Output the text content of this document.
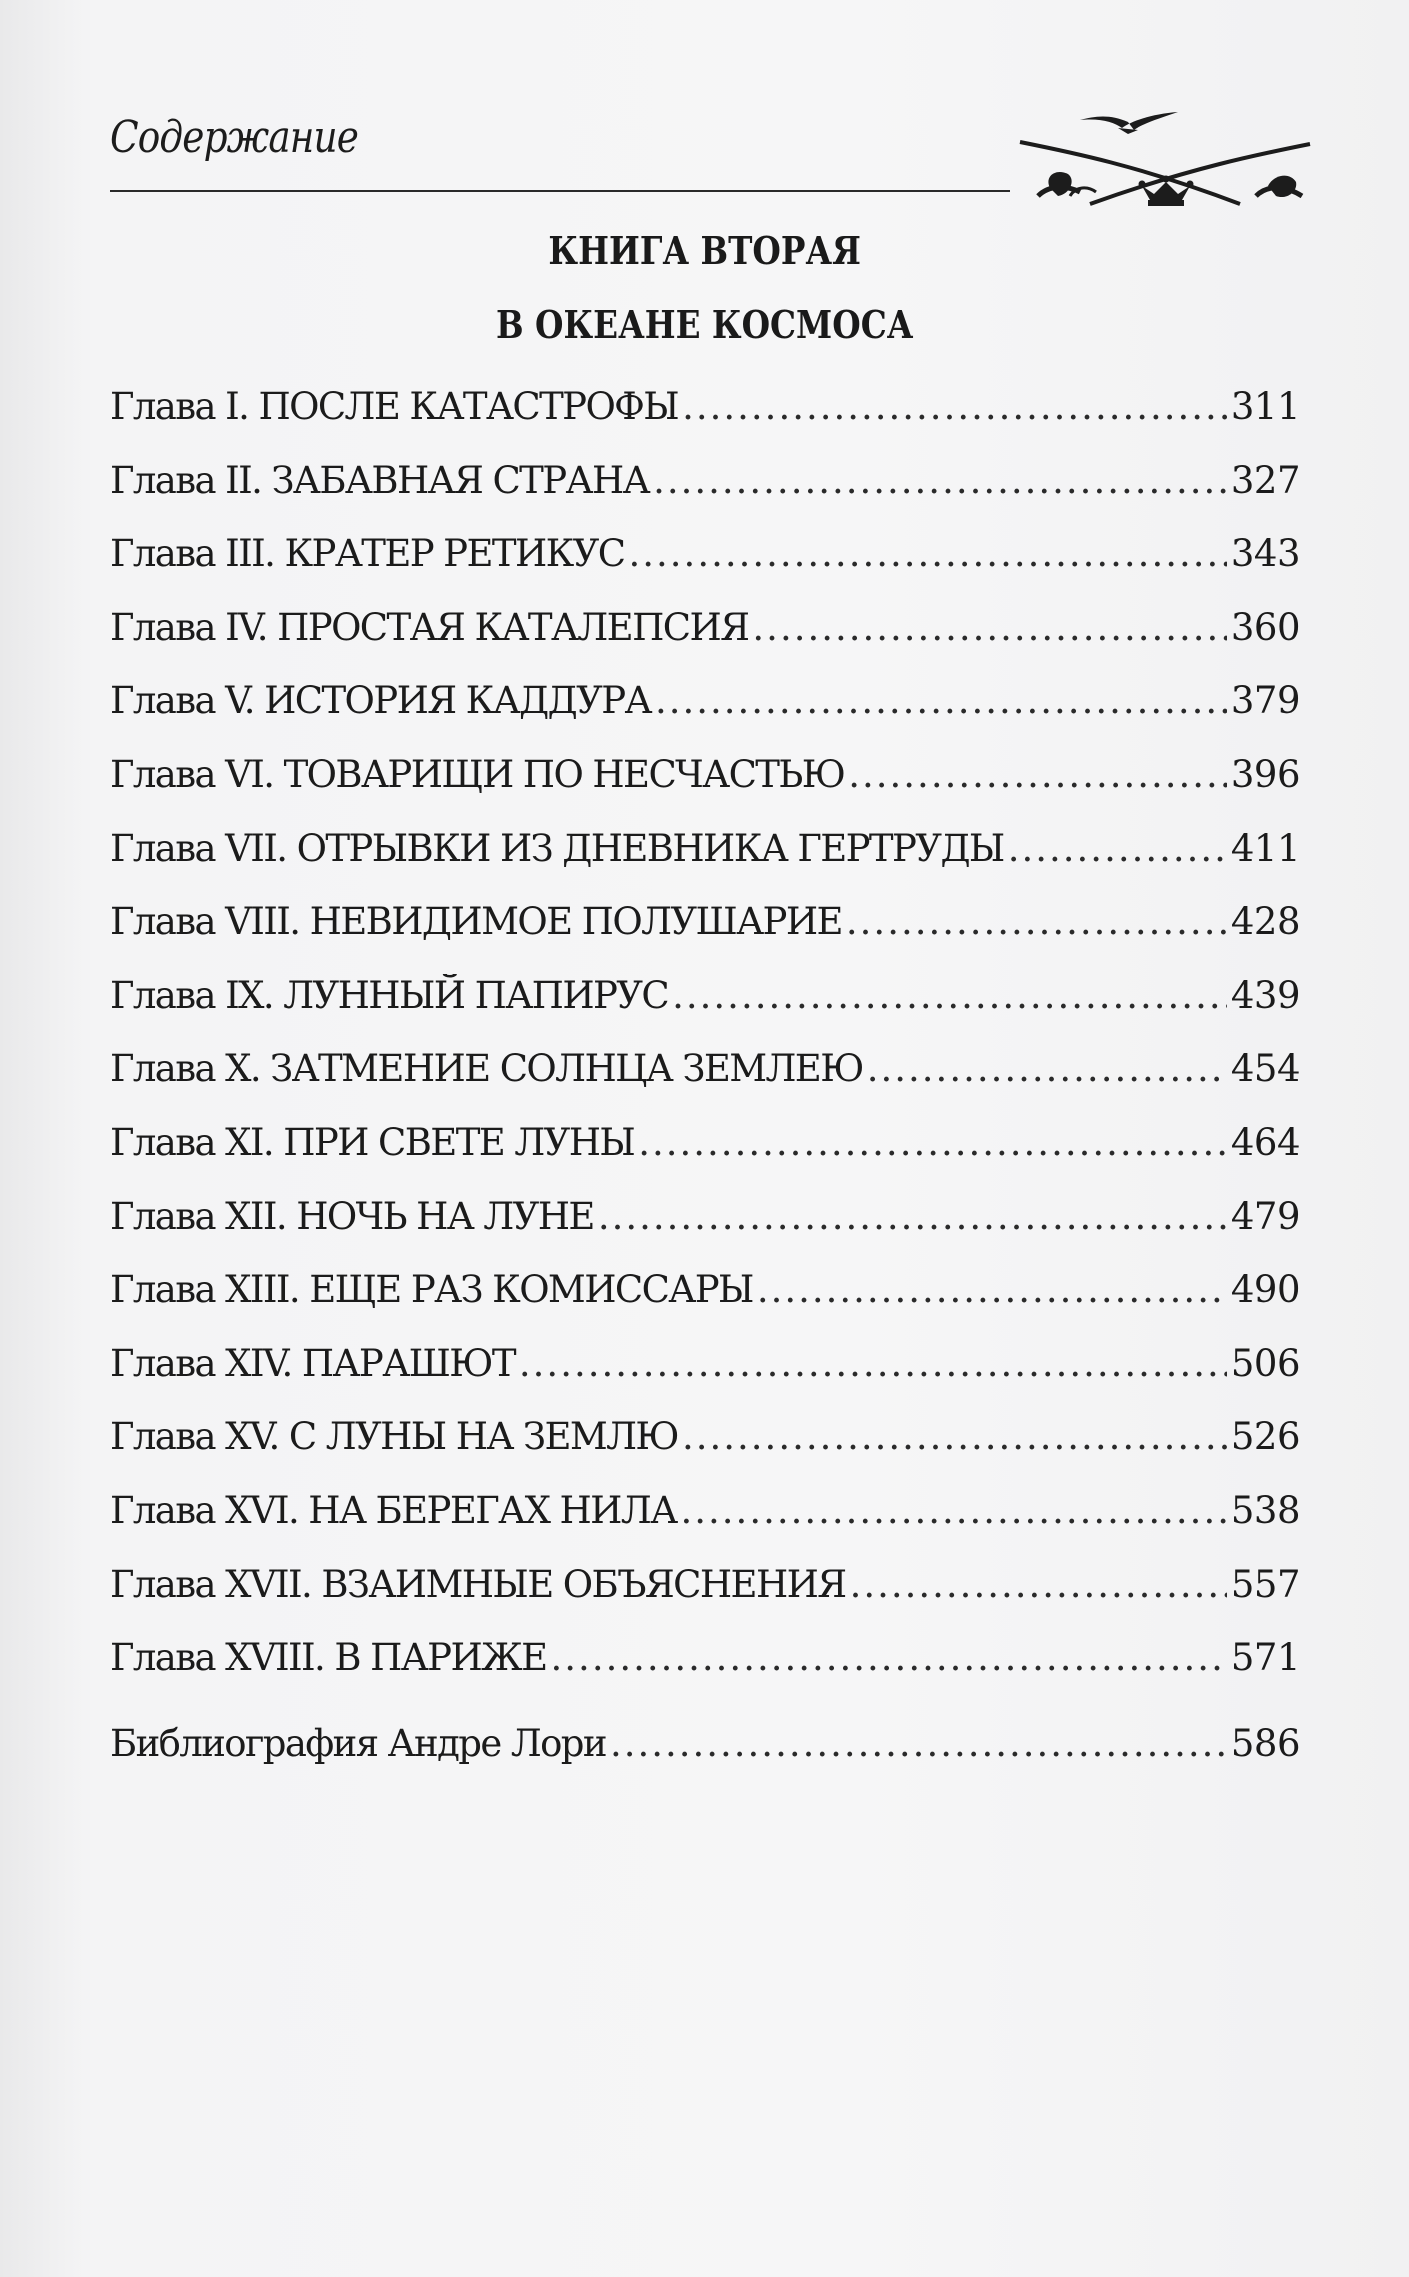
Содержание
КНИГА ВТОРАЯ
В ОКЕАНЕ КОСМОСА
Глава I. ПОСЛЕ КАТАСТРОФЫ .....	311
Глава II. ЗАБАВНАЯ СТРАНА .....	327
Глава III. КРАТЕР РЕТИКУС .....	343
Глава IV. ПРОСТАЯ КАТАЛЕПСИЯ .....	360
Глава V. ИСТОРИЯ КАДДУРА .....	379
Глава VI. ТОВАРИЩИ ПО НЕСЧАСТЬЮ .....	396
Глава VII. ОТРЫВКИ ИЗ ДНЕВНИКА ГЕРТРУДЫ .....	411
Глава VIII. НЕВИДИМОЕ ПОЛУШАРИЕ .....	428
Глава IX. ЛУННЫЙ ПАПИРУС .....	439
Глава X. ЗАТМЕНИЕ СОЛНЦА ЗЕМЛЕЮ .....	454
Глава XI. ПРИ СВЕТЕ ЛУНЫ .....	464
Глава XII. НОЧЬ НА ЛУНЕ .....	479
Глава XIII. ЕЩЕ РАЗ КОМИССАРЫ .....	490
Глава XIV. ПАРАШЮТ .....	506
Глава XV. С ЛУНЫ НА ЗЕМЛЮ .....	526
Глава XVI. НА БЕРЕГАХ НИЛА .....	538
Глава XVII. ВЗАИМНЫЕ ОБЪЯСНЕНИЯ .....	557
Глава XVIII. В ПАРИЖЕ .....	571
Библиография Андре Лори .....	586
